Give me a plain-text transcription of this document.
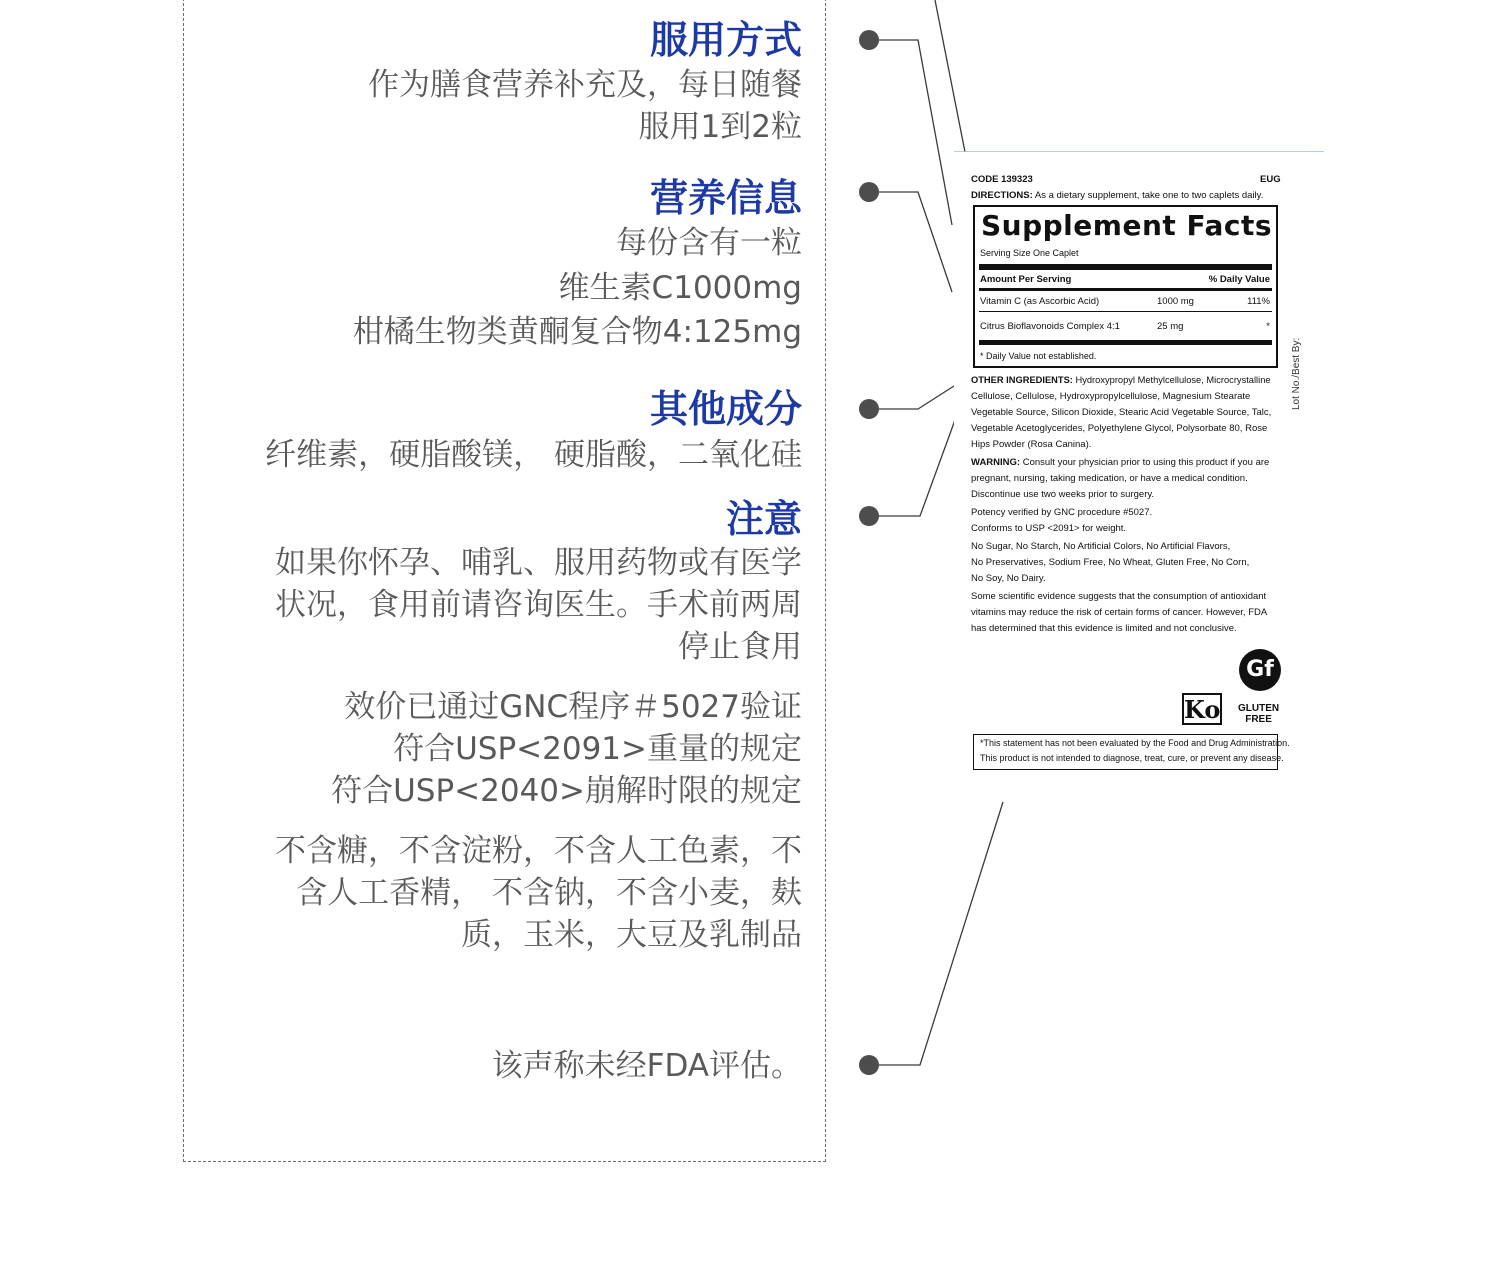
服用方式
作为膳食营养补充及，每日随餐
服用1到2粒
营养信息
每份含有一粒
维生素C1000mg
柑橘生物类黄酮复合物4:125mg
其他成分
纤维素，硬脂酸镁， 硬脂酸，二氧化硅
注意
如果你怀孕、哺乳、服用药物或有医学
状况，食用前请咨询医生。手术前两周
停止食用
效价已通过GNC程序＃5027验证
符合USP<2091>重量的规定
符合USP<2040>崩解时限的规定
不含糖，不含淀粉，不含人工色素，不
含人工香精， 不含钠，不含小麦，麸
质，玉米，大豆及乳制品
该声称未经FDA评估。
CODE 139323	EUG
DIRECTIONS: As a dietary supplement, take one to two caplets daily.
Supplement Facts
Serving Size One Caplet
Amount Per Serving	% Daily Value
Vitamin C (as Ascorbic Acid)	1000 mg	111%
Citrus Bioflavonoids Complex 4:1	25 mg	*
* Daily Value not established.
OTHER INGREDIENTS: Hydroxypropyl Methylcellulose, Microcrystalline
Cellulose, Cellulose, Hydroxypropylcellulose, Magnesium Stearate
Vegetable Source, Silicon Dioxide, Stearic Acid Vegetable Source, Talc,
Vegetable Acetoglycerides, Polyethylene Glycol, Polysorbate 80, Rose
Hips Powder (Rosa Canina).
WARNING: Consult your physician prior to using this product if you are
pregnant, nursing, taking medication, or have a medical condition.
Discontinue use two weeks prior to surgery.
Potency verified by GNC procedure #5027.
Conforms to USP <2091> for weight.
No Sugar, No Starch, No Artificial Colors, No Artificial Flavors,
No Preservatives, Sodium Free, No Wheat, Gluten Free, No Corn,
No Soy, No Dairy.
Some scientific evidence suggests that the consumption of antioxidant
vitamins may reduce the risk of certain forms of cancer. However, FDA
has determined that this evidence is limited and not conclusive.
Gf
Ko GLUTEN
FREE
*This statement has not been evaluated by the Food and Drug Administration.
This product is not intended to diagnose, treat, cure, or prevent any disease.
Lot No./Best By:
